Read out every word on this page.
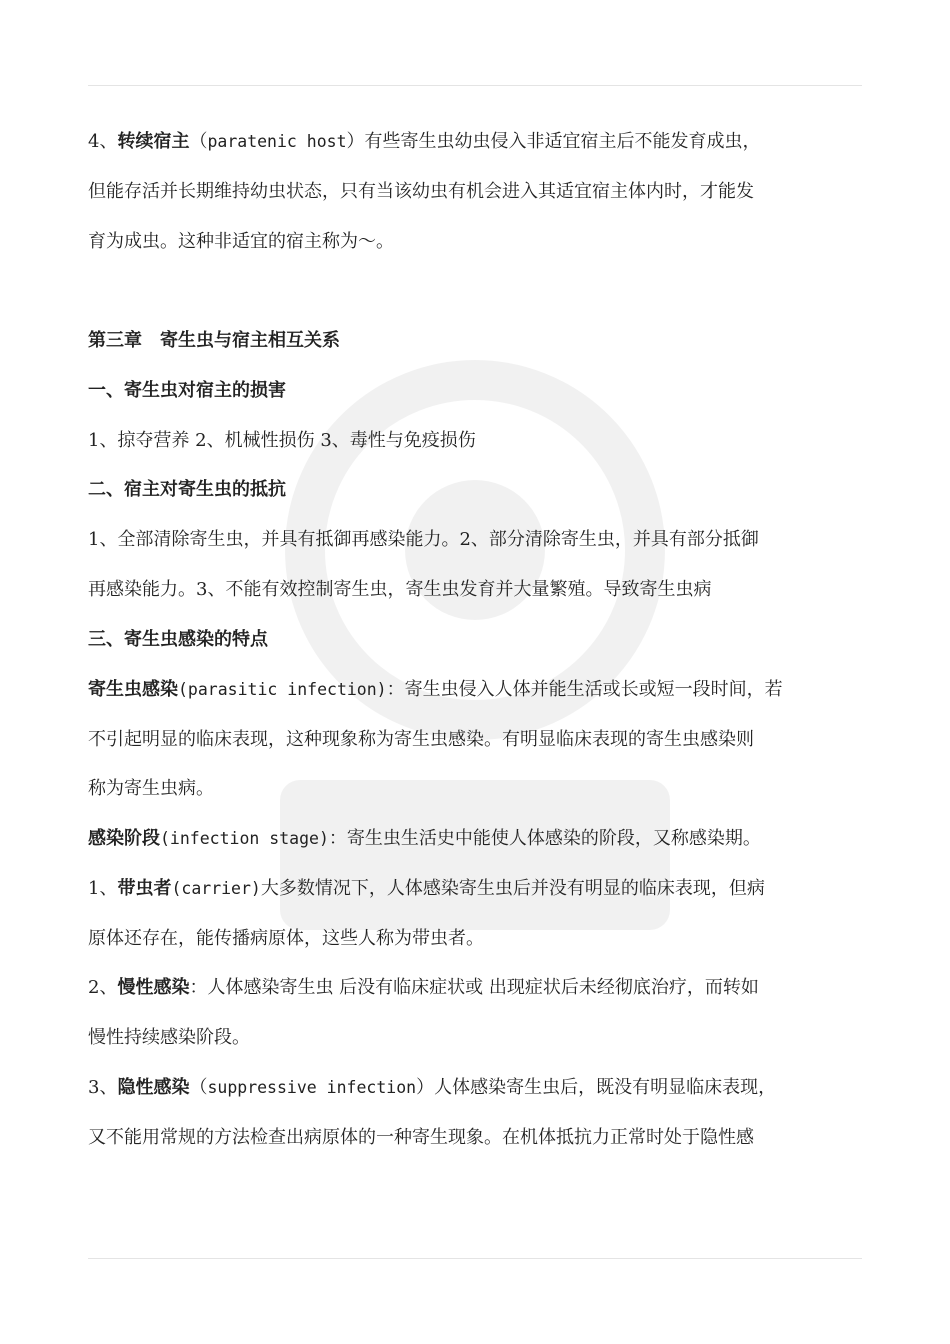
4、转续宿主（paratenic host）有些寄生虫幼虫侵入非适宜宿主后不能发育成虫，
但能存活并长期维持幼虫状态，只有当该幼虫有机会进入其适宜宿主体内时，才能发
育为成虫。这种非适宜的宿主称为～。
第三章　寄生虫与宿主相互关系
一、寄生虫对宿主的损害
1、掠夺营养 2、机械性损伤 3、毒性与免疫损伤
二、宿主对寄生虫的抵抗
1、全部清除寄生虫，并具有抵御再感染能力。2、部分清除寄生虫，并具有部分抵御
再感染能力。3、不能有效控制寄生虫，寄生虫发育并大量繁殖。导致寄生虫病
三、寄生虫感染的特点
寄生虫感染(parasitic infection)：寄生虫侵入人体并能生活或长或短一段时间，若
不引起明显的临床表现，这种现象称为寄生虫感染。有明显临床表现的寄生虫感染则
称为寄生虫病。
感染阶段(infection stage)：寄生虫生活史中能使人体感染的阶段，又称感染期。
1、带虫者(carrier)大多数情况下，人体感染寄生虫后并没有明显的临床表现，但病
原体还存在，能传播病原体，这些人称为带虫者。
2、慢性感染：人体感染寄生虫 后没有临床症状或 出现症状后未经彻底治疗，而转如
慢性持续感染阶段。
3、隐性感染（suppressive infection）人体感染寄生虫后，既没有明显临床表现，
又不能用常规的方法检查出病原体的一种寄生现象。在机体抵抗力正常时处于隐性感
